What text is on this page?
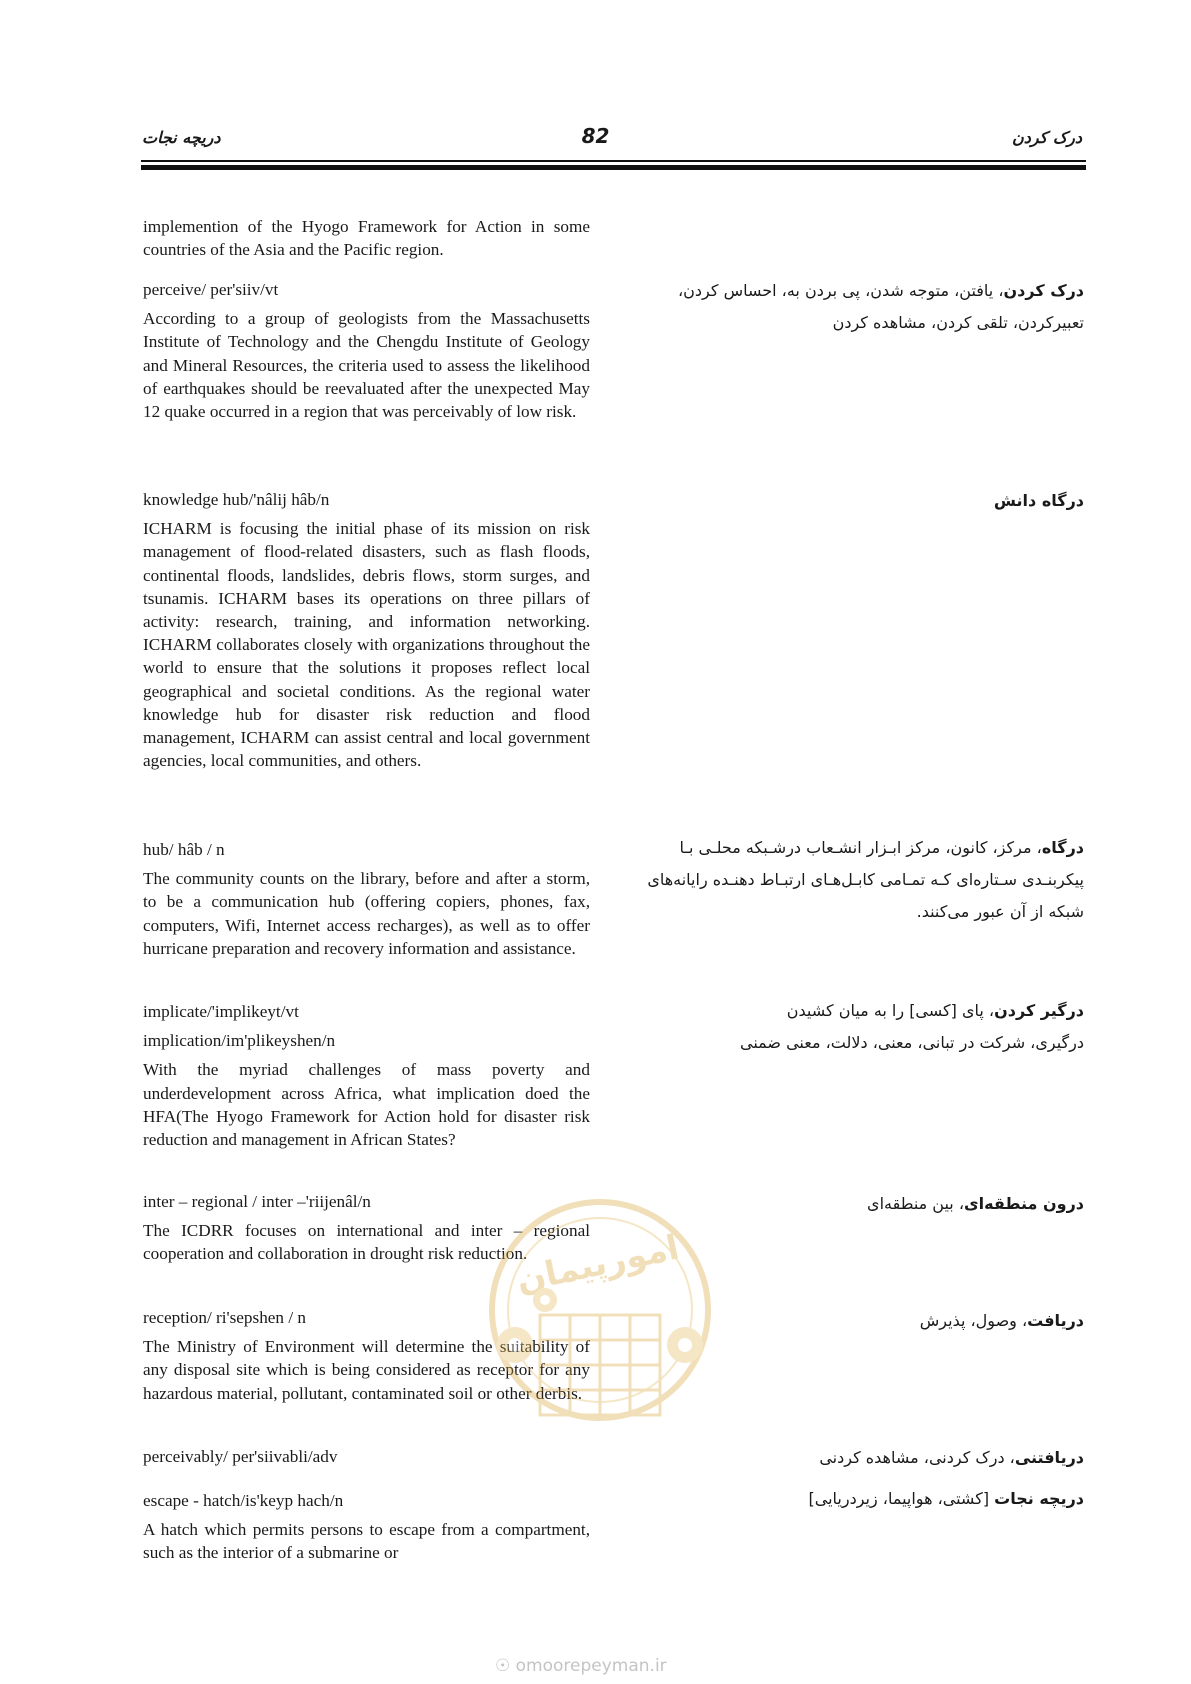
دریچه نجات	82	درک کردن
implemention of the Hyogo Framework for Action in some countries of the Asia and the Pacific region.
perceive/ per'siiv/vt
According to a group of geologists from the Massachusetts Institute of Technology and the Chengdu Institute of Geology and Mineral Resources, the criteria used to assess the likelihood of earthquakes should be reevaluated after the unexpected May 12 quake occurred in a region that was perceivably of low risk.
knowledge hub/'nâlij hâb/n
ICHARM is focusing the initial phase of its mission on risk management of flood-related disasters, such as flash floods, continental floods, landslides, debris flows, storm surges, and tsunamis. ICHARM bases its operations on three pillars of activity: research, training, and information networking. ICHARM collaborates closely with organizations throughout the world to ensure that the solutions it proposes reflect local geographical and societal conditions. As the regional water knowledge hub for disaster risk reduction and flood management, ICHARM can assist central and local government agencies, local communities, and others.
hub/ hâb / n
The community counts on the library, before and after a storm, to be a communication hub (offering copiers, phones, fax, computers, Wifi, Internet access recharges), as well as to offer hurricane preparation and recovery information and assistance.
implicate/'implikeyt/vt
implication/im'plikeyshen/n
With the myriad challenges of mass poverty and underdevelopment across Africa, what implication doed the HFA(The Hyogo Framework for Action hold for disaster risk reduction and management in African States?
inter – regional / inter –'riijenâl/n
The ICDRR focuses on international and inter – regional cooperation and collaboration in drought risk reduction.
reception/ ri'sepshen / n
The Ministry of Environment will determine the suitability of any disposal site which is being considered as receptor for any hazardous material, pollutant, contaminated soil or other derbis.
perceivably/ per'siivabli/adv
escape - hatch/is'keyp hach/n
A hatch which permits persons to escape from a compartment, such as the interior of a submarine or
درک کردن، یافتن، متوجه شدن، پی بردن به، احساس کردن، تعبیرکردن، تلقی کردن، مشاهده کردن
درگاه دانش
درگاه، مرکز، کانون، مرکز ابـزار انشـعاب درشـبکه محلـی بـا پیکربنـدی سـتاره‌ای کـه تمـامی کابـل‌هـای ارتبـاط دهنـده رایانه‌های شبکه از آن عبور می‌کنند.
درگیر کردن، پای [کسی] را به میان کشیدن
درگیری، شرکت در تبانی، معنی، دلالت، معنی ضمنی
درون منطقه‌ای، بین منطقه‌ای
دریافت، وصول، پذیرش
دریافتنی، درک کردنی، مشاهده کردنی
دریچه نجات [کشتی، هواپیما، زیردریایی]
امورپیمان
☉ omoorepeyman.ir
